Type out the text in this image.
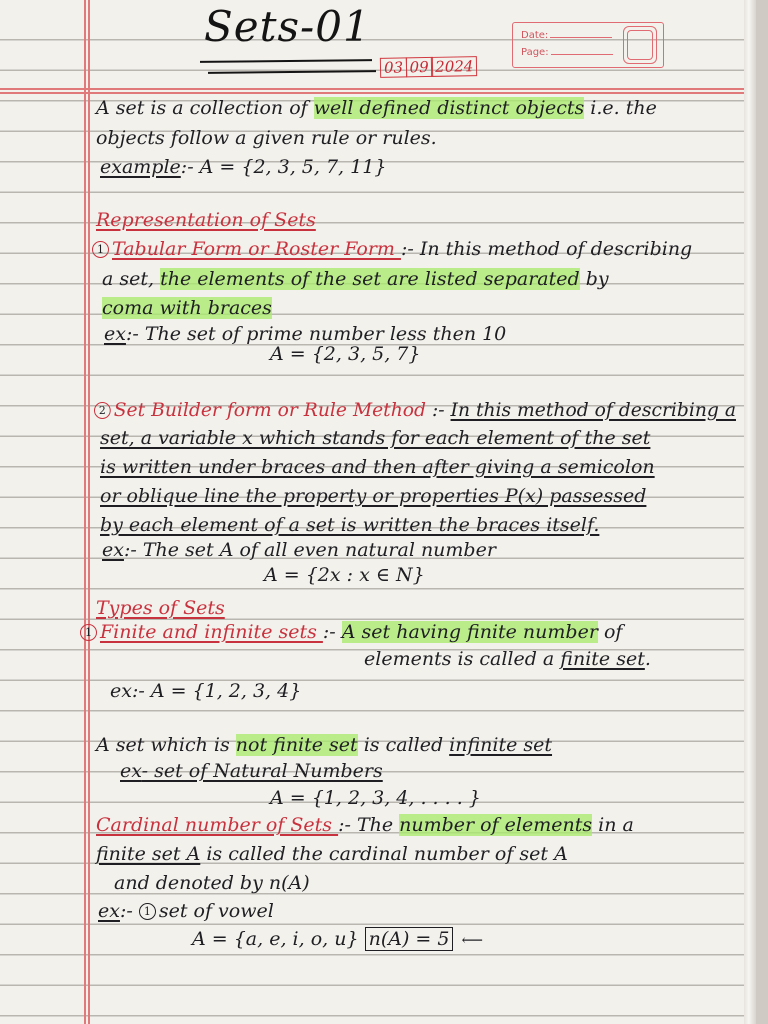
Sets-01
03 09 2024
Date:
Page:

A set is a collection of well defined distinct objects i.e. the

objects follow a given rule or rules.

example:- A = {2, 3, 5, 7, 11}

Representation of Sets

1 Tabular Form or Roster Form :- In this method of describing

a set, the elements of the set are listed separated by

coma with braces

ex:- The set of prime number less then 10

A = {2, 3, 5, 7}

2 Set Builder form or Rule Method :- In this method of describing a

set, a variable x which stands for each element of the set

is written under braces and then after giving a semicolon

or oblique line the property or properties P(x) passessed

by each element of a set is written the braces itself.

ex:- The set A of all even natural number

A = {2x : x ∈ N}

Types of Sets

1 Finite and infinite sets :- A set having finite number of

elements is called a finite set.

ex:- A = {1, 2, 3, 4}

A set which is not finite set is called infinite set

ex- set of Natural Numbers

A = {1, 2, 3, 4, . . . . }

Cardinal number of Sets :- The number of elements in a

finite set A is called the cardinal number of set A

and denoted by n(A)

ex:- 1 set of vowel

A = {a, e, i, o, u} n(A) = 5 ⟵
